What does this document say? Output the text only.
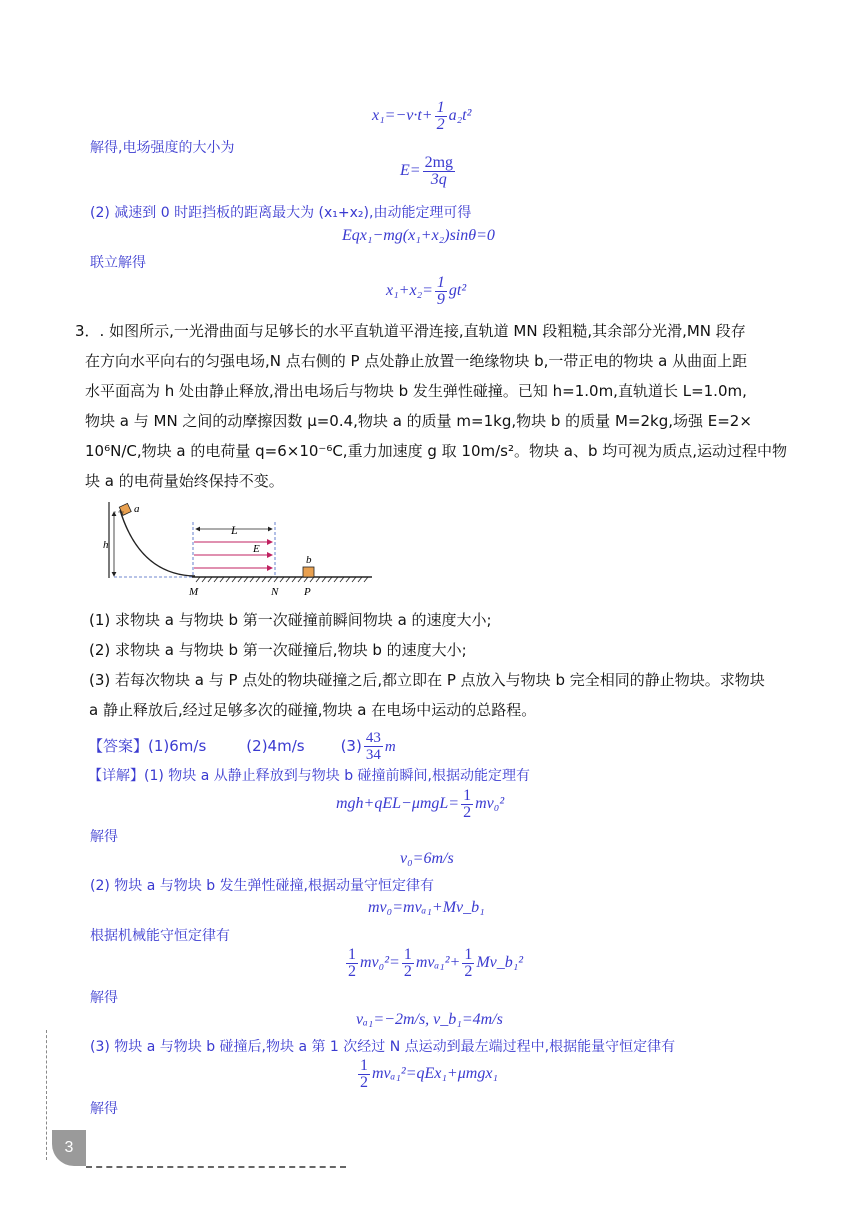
$x_1=-v\cdot t+ \frac{1}{2} a_2t^2$
解得,电场强度的大小为
$E= \frac{2mg}{3q}$
(2) 减速到 0 时距挡板的距离最大为 (x₁+x₂),由动能定理可得
Eqx₁−mg(x₁+x₂)sinθ=0
联立解得
$x_1+x_2= \frac{1}{9} gt^2$

3．. 如图所示,一光滑曲面与足够长的水平直轨道平滑连接,直轨道 MN 段粗糙,其余部分光滑,MN 段存

在方向水平向右的匀强电场,N 点右侧的 P 点处静止放置一绝缘物块 b,一带正电的物块 a 从曲面上距

水平面高为 h 处由静止释放,滑出电场后与物块 b 发生弹性碰撞。已知 h=1.0m,直轨道长 L=1.0m,

物块 a 与 MN 之间的动摩擦因数 μ=0.4,物块 a 的质量 m=1kg,物块 b 的质量 M=2kg,场强 E=2×

10⁶N/C,物块 a 的电荷量 q=6×10⁻⁶C,重力加速度 g 取 10m/s²。物块 a、b 均可视为质点,运动过程中物

块 a 的电荷量始终保持不变。

a
h
L
E
b
M	N P

(1) 求物块 a 与物块 b 第一次碰撞前瞬间物块 a 的速度大小;

(2) 求物块 a 与物块 b 第一次碰撞后,物块 b 的速度大小;

(3) 若每次物块 a 与 P 点处的物块碰撞之后,都立即在 P 点放入与物块 b 完全相同的静止物块。求物块

a 静止释放后,经过足够多次的碰撞,物块 a 在电场中运动的总路程。

【答案】(1)6m/s	(2)4m/s $(3) \frac{43}{34}$ m
【详解】(1) 物块 a 从静止释放到与物块 b 碰撞前瞬间,根据动能定理有
$mgh+qEL-\mu mgL= \frac{1}{2} mv_0^2$
解得
v₀=6m/s
(2) 物块 a 与物块 b 发生弹性碰撞,根据动量守恒定律有
mv₀=mvₐ₁+Mv_b₁
根据机械能守恒定律有
$\frac{1}{2} mv_0^2= \frac{1}{2} mv_{a1}^2+ \frac{1}{2}$ Mv_b₁²
解得
vₐ₁=−2m/s, v_b₁=4m/s
(3) 物块 a 与物块 b 碰撞后,物块 a 第 1 次经过 N 点运动到最左端过程中,根据能量守恒定律有
$\frac{1}{2} mv_{a1}^2=qEx_1+\mu mgx_1$
解得
3
